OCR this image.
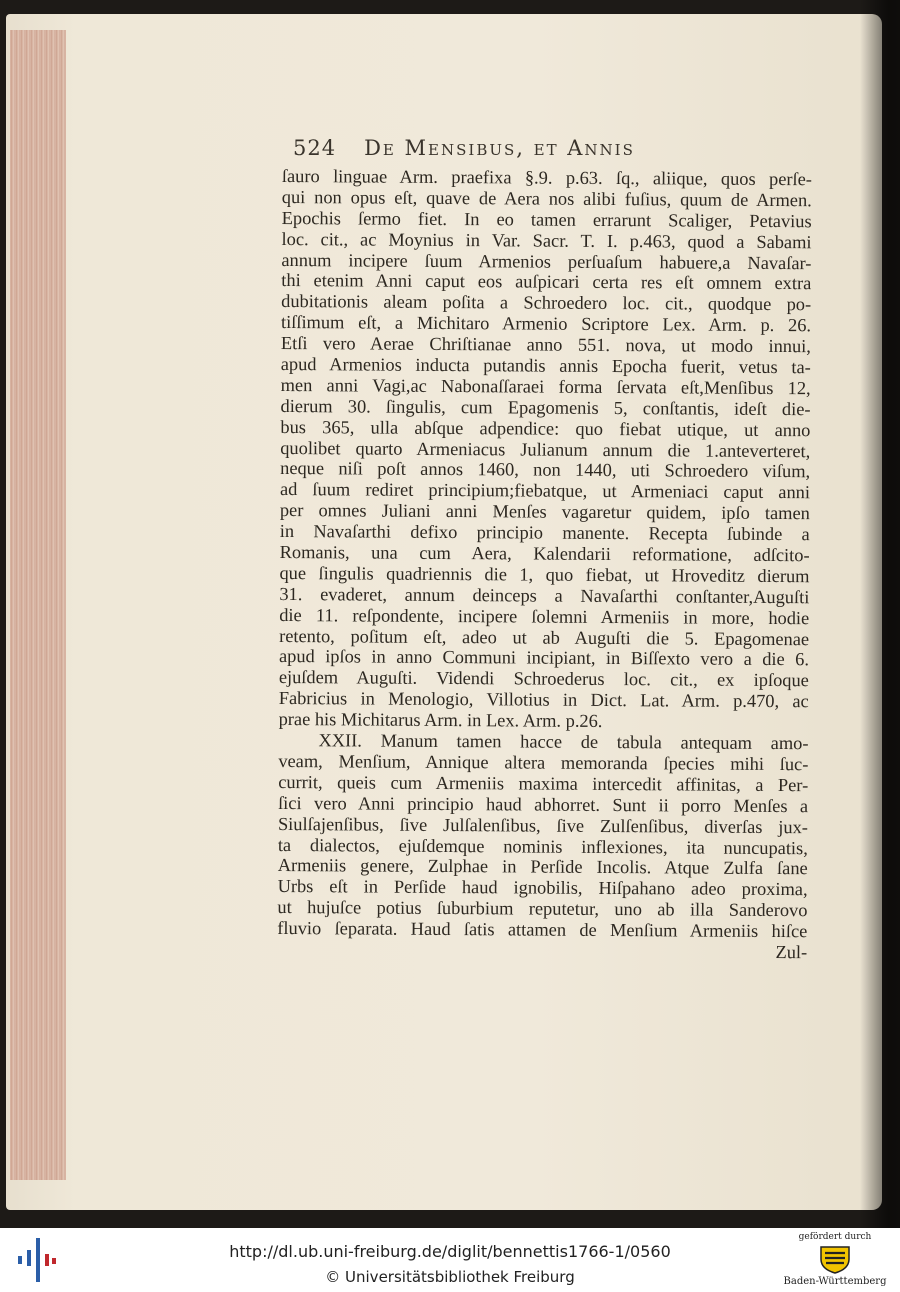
524 De Mensibus, et Annis
ſauro linguae Arm. praefixa §.9. p.63. ſq., aliique, quos perſe-
qui non opus eſt, quave de Aera nos alibi fuſius, quum de Armen.
Epochis ſermo fiet. In eo tamen errarunt Scaliger, Petavius
loc. cit., ac Moynius in Var. Sacr. T. I. p.463, quod a Sabami
annum incipere ſuum Armenios perſuaſum habuere,a Navaſar-
thi etenim Anni caput eos auſpicari certa res eſt omnem extra
dubitationis aleam poſita a Schroedero loc. cit., quodque po-
tiſſimum eſt, a Michitaro Armenio Scriptore Lex. Arm. p. 26.
Etſi vero Aerae Chriſtianae anno 551. nova, ut modo innui,
apud Armenios inducta putandis annis Epocha fuerit, vetus ta-
men anni Vagi,ac Nabonaſſaraei forma ſervata eſt,Menſibus 12,
dierum 30. ſingulis, cum Epagomenis 5, conſtantis, ideſt die-
bus 365, ulla abſque adpendice: quo fiebat utique, ut anno
quolibet quarto Armeniacus Julianum annum die 1.anteverteret,
neque niſi poſt annos 1460, non 1440, uti Schroedero viſum,
ad ſuum rediret principium;fiebatque, ut Armeniaci caput anni
per omnes Juliani anni Menſes vagaretur quidem, ipſo tamen
in Navaſarthi defixo principio manente. Recepta ſubinde a
Romanis, una cum Aera, Kalendarii reformatione, adſcito-
que ſingulis quadriennis die 1, quo fiebat, ut Hroveditz dierum
31. evaderet, annum deinceps a Navaſarthi conſtanter,Auguſti
die 11. reſpondente, incipere ſolemni Armeniis in more, hodie
retento, poſitum eſt, adeo ut ab Auguſti die 5. Epagomenae
apud ipſos in anno Communi incipiant, in Biſſexto vero a die 6.
ejuſdem Auguſti. Videndi Schroederus loc. cit., ex ipſoque
Fabricius in Menologio, Villotius in Dict. Lat. Arm. p.470, ac
prae his Michitarus Arm. in Lex. Arm. p.26.
XXII. Manum tamen hacce de tabula antequam amo-
veam, Menſium, Annique altera memoranda ſpecies mihi ſuc-
currit, queis cum Armeniis maxima intercedit affinitas, a Per-
ſici vero Anni principio haud abhorret. Sunt ii porro Menſes a
Siulſajenſibus, ſive Julſalenſibus, ſive Zulſenſibus, diverſas jux-
ta dialectos, ejuſdemque nominis inflexiones, ita nuncupatis,
Armeniis genere, Zulphae in Perſide Incolis. Atque Zulfa ſane
Urbs eſt in Perſide haud ignobilis, Hiſpahano adeo proxima,
ut hujuſce potius ſuburbium reputetur, uno ab illa Sanderovo
fluvio ſeparata. Haud ſatis attamen de Menſium Armeniis hiſce
Zul-
http://dl.ub.uni-freiburg.de/diglit/bennettis1766-1/0560
© Universitätsbibliothek Freiburg
gefördert durch
Baden-Württemberg
